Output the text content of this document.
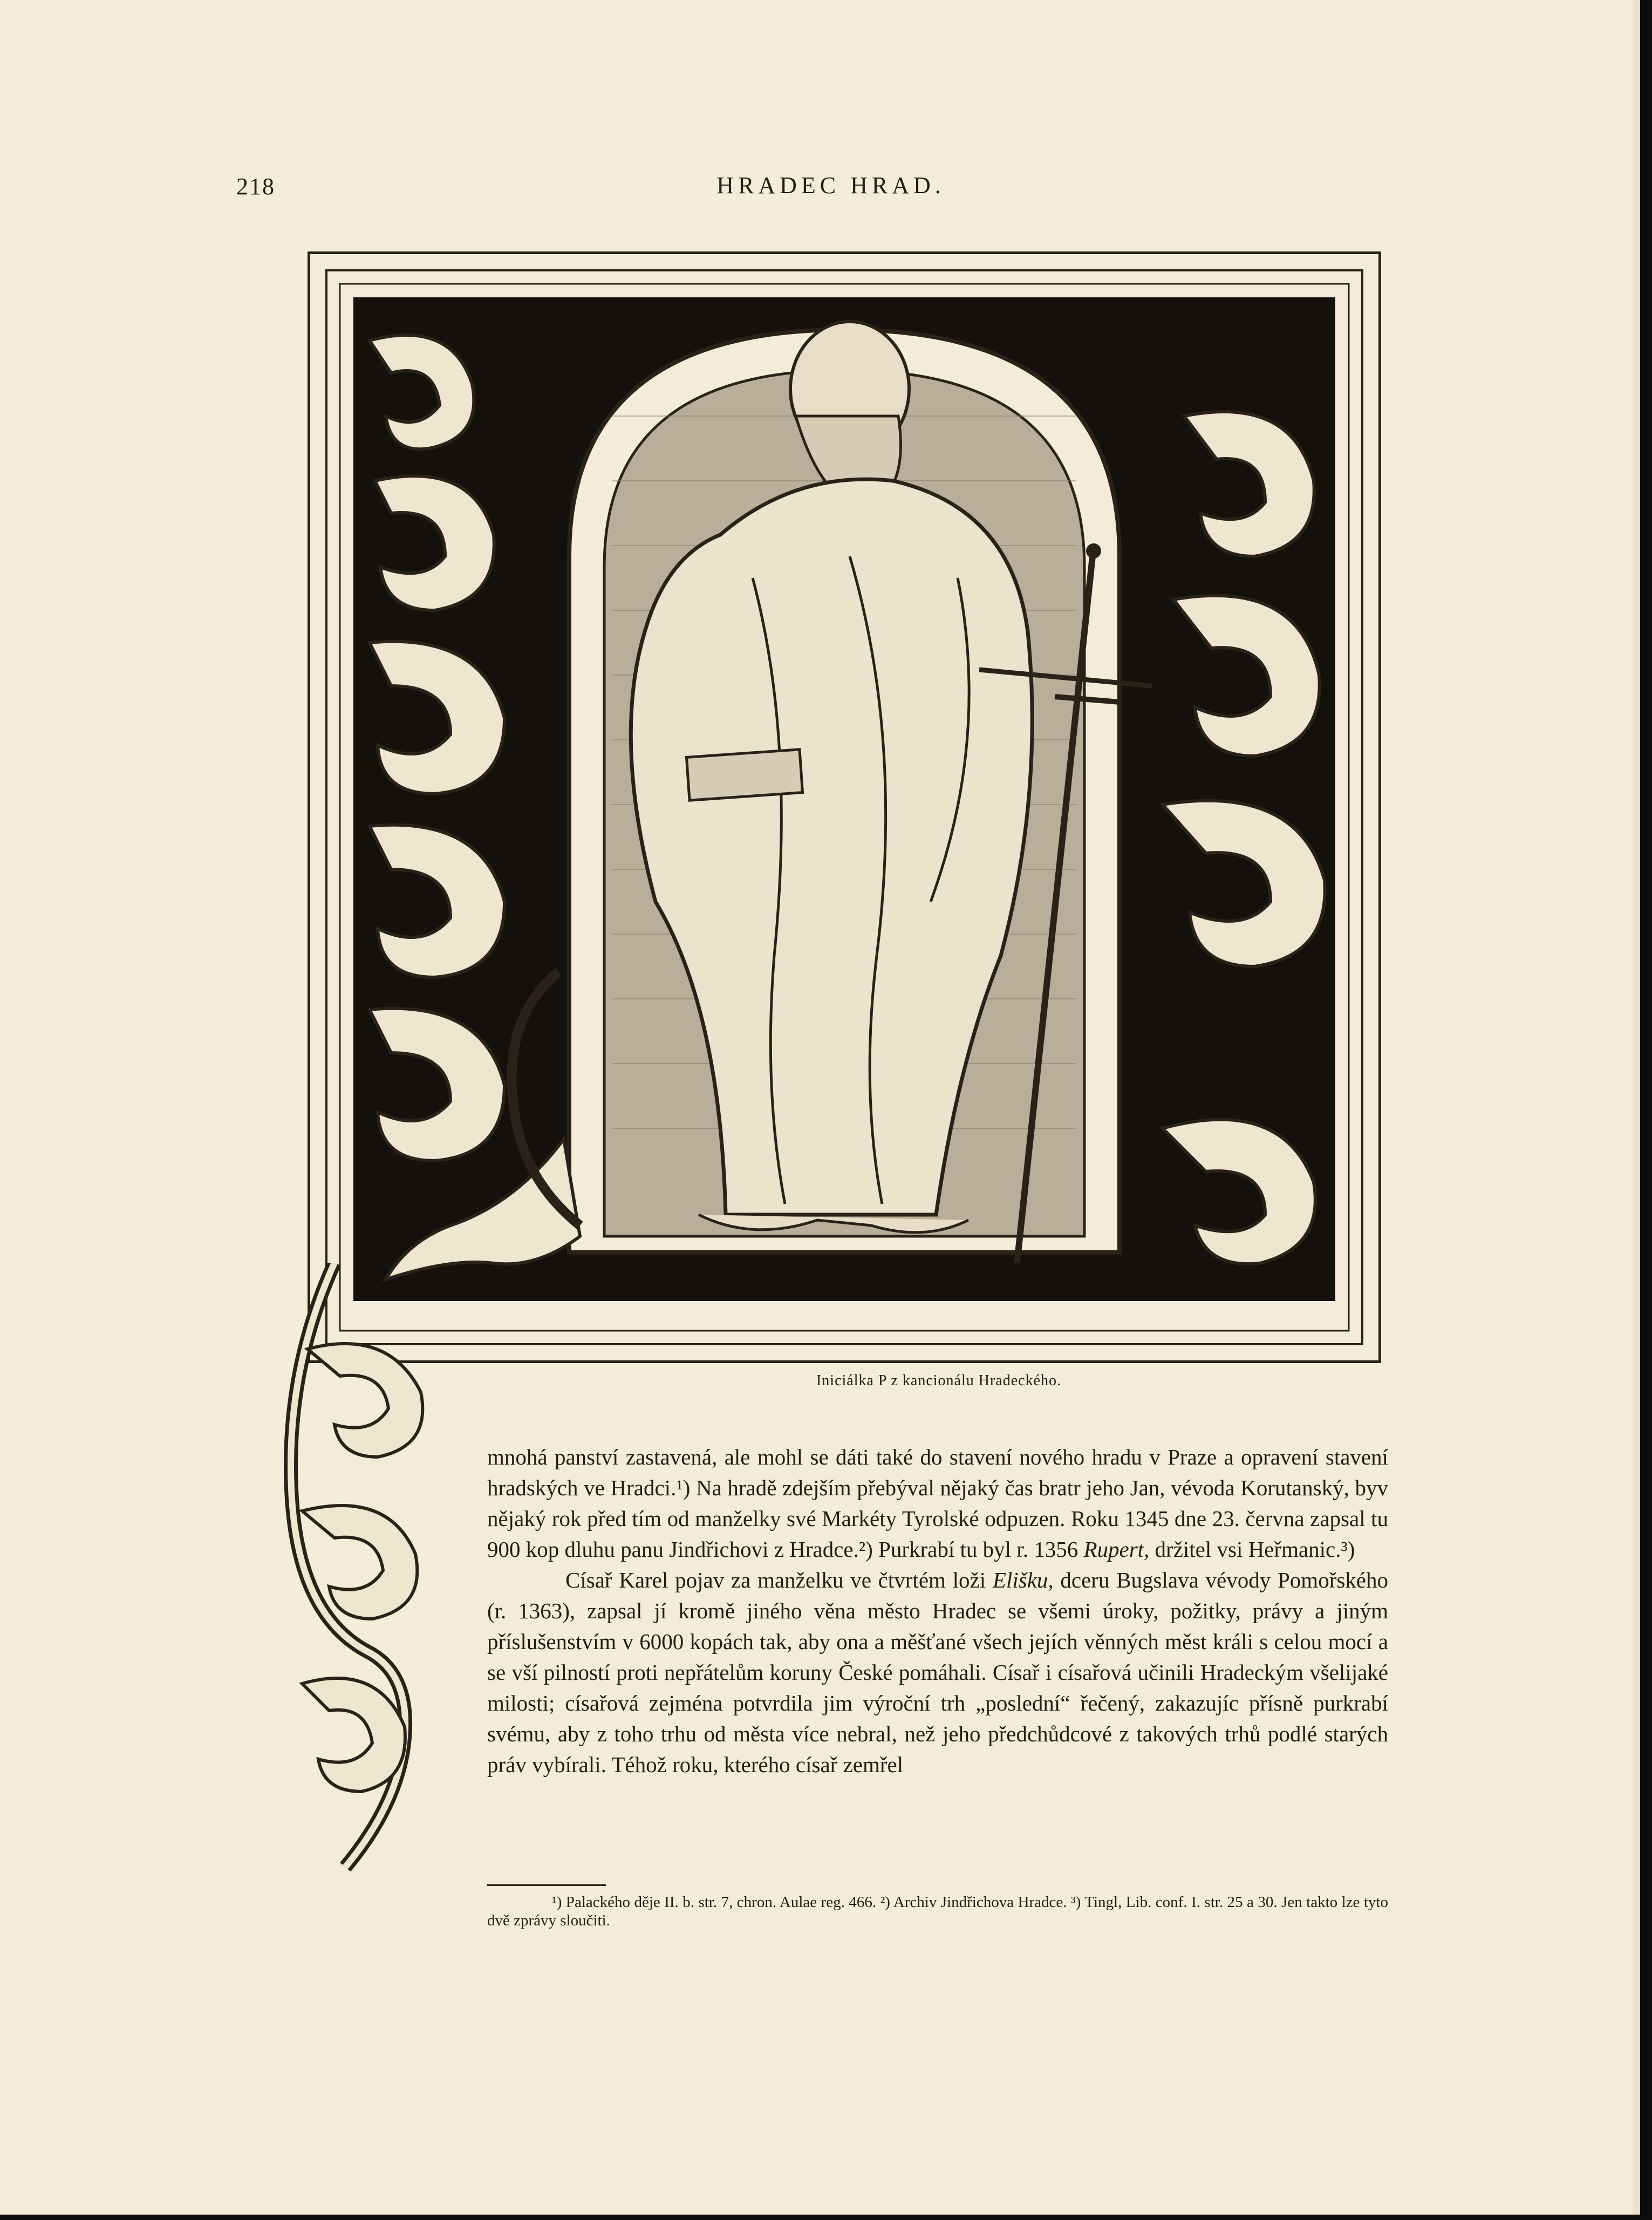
218	HRADEC HRAD.
Iniciálka P z kancionálu Hradeckého.

mnohá panství zastavená, ale mohl se dáti také do stavení nového hradu v Praze a opravení stavení hradských ve Hradci.¹) Na hradě zdejším přebýval nějaký čas bratr jeho Jan, vévoda Korutanský, byv nějaký rok před tím od manželky své Markéty Tyrolské odpuzen. Roku 1345 dne 23. června zapsal tu 900 kop dluhu panu Jindřichovi z Hradce.²) Purkrabí tu byl r. 1356 Rupert, držitel vsi Heřmanic.³)

Císař Karel pojav za manželku ve čtvrtém loži Elišku, dceru Bugslava vévody Pomořského (r. 1363), zapsal jí kromě jiného věna město Hradec se všemi úroky, požitky, právy a jiným příslušenstvím v 6000 kopách tak, aby ona a měšťané všech jejích věnných měst králi s celou mocí a se vší pilností proti nepřátelům koruny České pomáhali. Císař i císařová učinili Hradeckým všelijaké milosti; císařová zejména potvrdila jim výroční trh „poslední“ řečený, zakazujíc přísně purkrabí svému, aby z toho trhu od města více nebral, než jeho předchůdcové z takových trhů podlé starých práv vybírali. Téhož roku, kterého císař zemřel

¹) Palackého děje II. b. str. 7, chron. Aulae reg. 466. ²) Archiv Jindřichova Hradce. ³) Tingl, Lib. conf. I. str. 25 a 30. Jen takto lze tyto dvě zprávy sloučiti.
